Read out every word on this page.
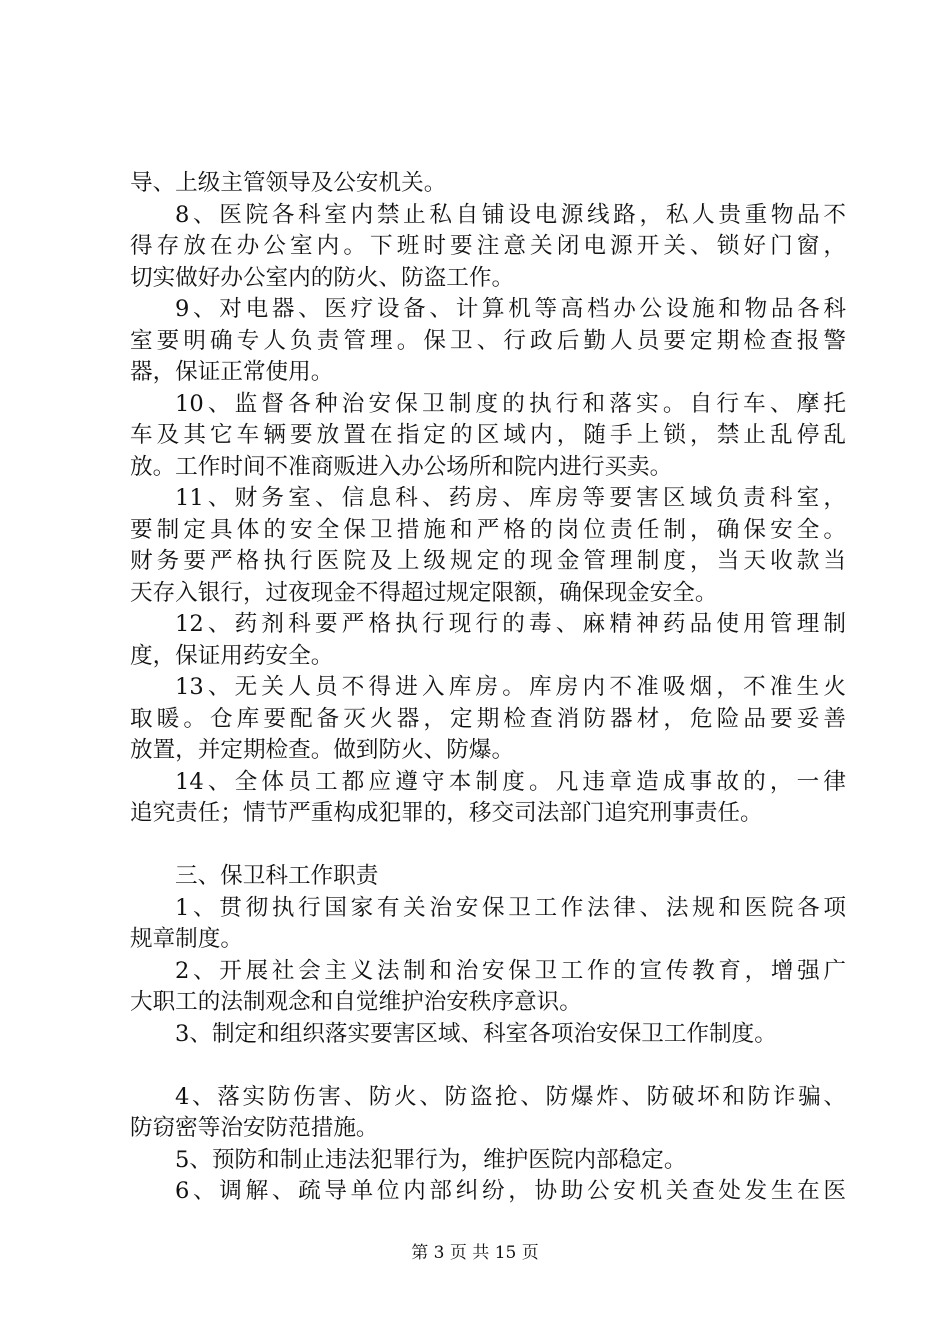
导、上级主管领导及公安机关。
8、医院各科室内禁止私自铺设电源线路，私人贵重物品不
得存放在办公室内。下班时要注意关闭电源开关、锁好门窗，
切实做好办公室内的防火、防盗工作。
9、对电器、医疗设备、计算机等高档办公设施和物品各科
室要明确专人负责管理。保卫、行政后勤人员要定期检查报警
器，保证正常使用。
10、监督各种治安保卫制度的执行和落实。自行车、摩托
车及其它车辆要放置在指定的区域内，随手上锁，禁止乱停乱
放。工作时间不准商贩进入办公场所和院内进行买卖。
11、财务室、信息科、药房、库房等要害区域负责科室，
要制定具体的安全保卫措施和严格的岗位责任制，确保安全。
财务要严格执行医院及上级规定的现金管理制度，当天收款当
天存入银行，过夜现金不得超过规定限额，确保现金安全。
12、药剂科要严格执行现行的毒、麻精神药品使用管理制
度，保证用药安全。
13、无关人员不得进入库房。库房内不准吸烟，不准生火
取暖。仓库要配备灭火器，定期检查消防器材，危险品要妥善
放置，并定期检查。做到防火、防爆。
14、全体员工都应遵守本制度。凡违章造成事故的，一律
追究责任；情节严重构成犯罪的，移交司法部门追究刑事责任。
三、保卫科工作职责
1、贯彻执行国家有关治安保卫工作法律、法规和医院各项
规章制度。
2、开展社会主义法制和治安保卫工作的宣传教育，增强广
大职工的法制观念和自觉维护治安秩序意识。
3、制定和组织落实要害区域、科室各项治安保卫工作制度。
4、落实防伤害、防火、防盗抢、防爆炸、防破坏和防诈骗、
防窃密等治安防范措施。
5、预防和制止违法犯罪行为，维护医院内部稳定。
6、调解、疏导单位内部纠纷，协助公安机关查处发生在医
第 3 页 共 15 页
